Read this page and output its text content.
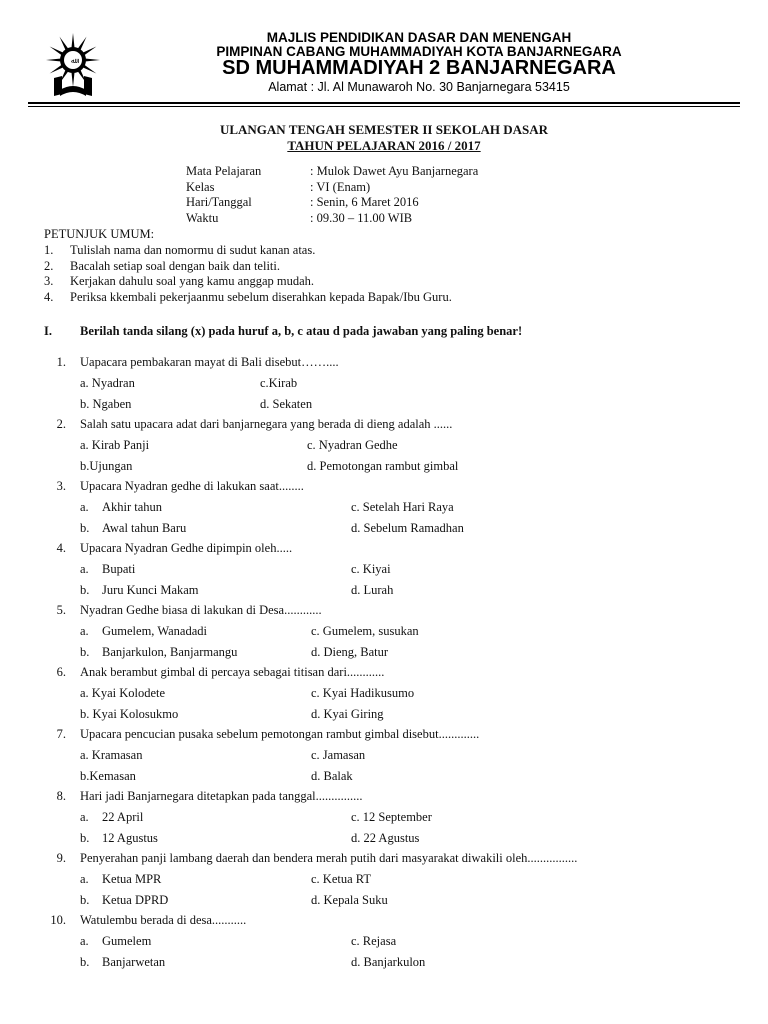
ﷲ
MAJLIS PENDIDIKAN DASAR DAN MENENGAH
PIMPINAN CABANG MUHAMMADIYAH KOTA BANJARNEGARA
SD MUHAMMADIYAH 2 BANJARNEGARA
Alamat : Jl. Al Munawaroh No. 30 Banjarnegara 53415
ULANGAN TENGAH SEMESTER II SEKOLAH DASAR
TAHUN PELAJARAN 2016 / 2017
Mata Pelajaran	: Mulok Dawet Ayu Banjarnegara
Kelas	: VI (Enam)
Hari/Tanggal	: Senin, 6 Maret 2016
Waktu	: 09.30 – 11.00 WIB
PETUNJUK UMUM:
1. Tulislah nama dan nomormu di sudut kanan atas.
2. Bacalah setiap soal dengan baik dan teliti.
3. Kerjakan dahulu soal yang kamu anggap mudah.
4. Periksa kkembali pekerjaanmu sebelum diserahkan kepada Bapak/Ibu Guru.
I. Berilah tanda silang (x) pada huruf a, b, c atau d pada jawaban yang paling benar!
1. Uapacara pembakaran mayat di Bali disebut……....
a. Nyadran	c.Kirab
b. Ngaben	d. Sekaten
2. Salah satu upacara adat dari banjarnegara yang berada di dieng adalah ......
a. Kirab Panji	c. Nyadran Gedhe
b.Ujungan	d. Pemotongan rambut gimbal
3. Upacara Nyadran gedhe di lakukan saat........
a. Akhir tahun	c. Setelah Hari Raya
b. Awal tahun Baru	d. Sebelum Ramadhan
4. Upacara Nyadran Gedhe dipimpin oleh.....
a. Bupati	c. Kiyai
b. Juru Kunci Makam	d. Lurah
5. Nyadran Gedhe biasa di lakukan di Desa............
a. Gumelem, Wanadadi	c. Gumelem, susukan
b. Banjarkulon, Banjarmangu	d. Dieng, Batur
6. Anak berambut gimbal di percaya sebagai titisan dari............
a. Kyai Kolodete	c. Kyai Hadikusumo
b. Kyai Kolosukmo	d. Kyai Giring
7. Upacara pencucian pusaka sebelum pemotongan rambut gimbal disebut.............
a. Kramasan	c. Jamasan
b.Kemasan	d. Balak
8. Hari jadi Banjarnegara ditetapkan pada tanggal...............
a. 22 April	c. 12 September
b. 12 Agustus	d. 22 Agustus
9. Penyerahan panji lambang daerah dan bendera merah putih dari masyarakat diwakili oleh................
a. Ketua MPR	c. Ketua RT
b. Ketua DPRD	d. Kepala Suku
10. Watulembu berada di desa...........
a. Gumelem	c. Rejasa
b. Banjarwetan	d. Banjarkulon
